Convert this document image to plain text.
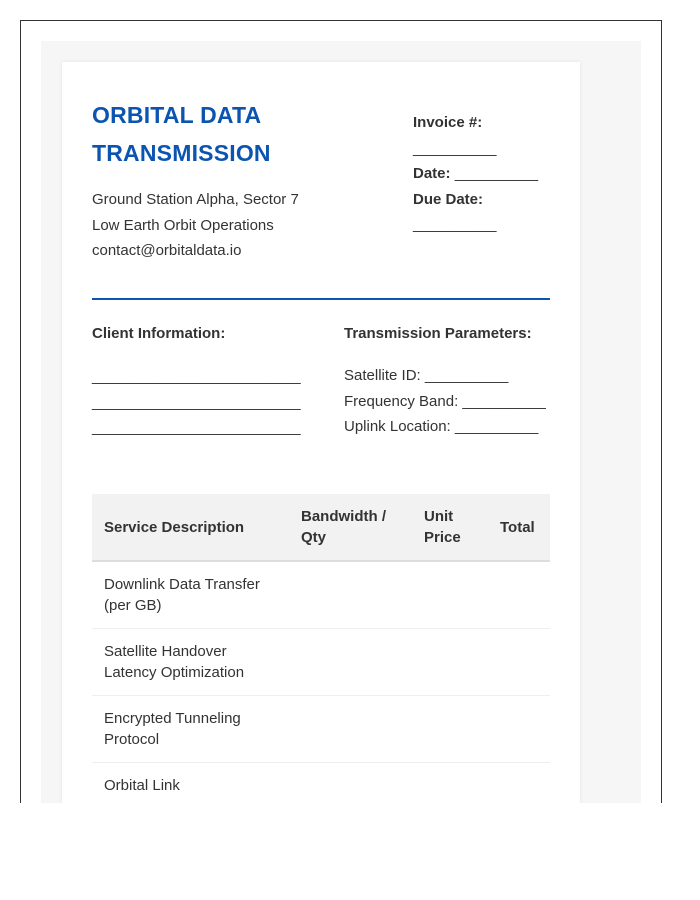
ORBITAL DATA
TRANSMISSION
Ground Station Alpha, Sector 7
Low Earth Orbit Operations
contact@orbitaldata.io
Invoice #:
__________
Date: __________
Due Date:
__________
Client Information:
_________________________
_________________________
_________________________
Transmission Parameters:
Satellite ID: __________
Frequency Band: __________
Uplink Location: __________
Service Description	Bandwidth / Qty	Unit Price	Total
Downlink Data Transfer (per GB)			
Satellite Handover Latency Optimization			
Encrypted Tunneling Protocol			
Orbital Link			
